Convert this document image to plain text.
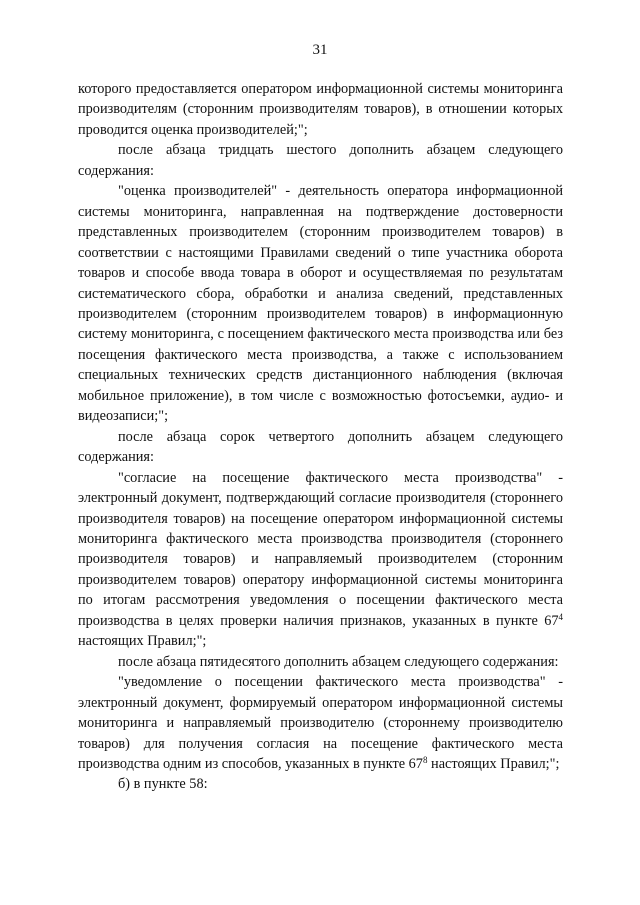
31

которого предоставляется оператором информационной системы мониторинга производителям (сторонним производителям товаров), в отношении которых проводится оценка производителей;";

после абзаца тридцать шестого дополнить абзацем следующего содержания:

"оценка производителей" - деятельность оператора информационной системы мониторинга, направленная на подтверждение достоверности представленных производителем (сторонним производителем товаров) в соответствии с настоящими Правилами сведений о типе участника оборота товаров и способе ввода товара в оборот и осуществляемая по результатам систематического сбора, обработки и анализа сведений, представленных производителем (сторонним производителем товаров) в информационную систему мониторинга, с посещением фактического места производства или без посещения фактического места производства, а также с использованием специальных технических средств дистанционного наблюдения (включая мобильное приложение), в том числе с возможностью фотосъемки, аудио- и видеозаписи;";

после абзаца сорок четвертого дополнить абзацем следующего содержания:

"согласие на посещение фактического места производства" - электронный документ, подтверждающий согласие производителя (стороннего производителя товаров) на посещение оператором информационной системы мониторинга фактического места производства производителя (стороннего производителя товаров) и направляемый производителем (сторонним производителем товаров) оператору информационной системы мониторинга по итогам рассмотрения уведомления о посещении фактического места производства в целях проверки наличия признаков, указанных в пункте $67^4$ настоящих Правил;";

после абзаца пятидесятого дополнить абзацем следующего содержания:

"уведомление о посещении фактического места производства" - электронный документ, формируемый оператором информационной системы мониторинга и направляемый производителю (стороннему производителю товаров) для получения согласия на посещение фактического места производства одним из способов, указанных в пункте $67^8$ настоящих Правил;";

б) в пункте 58:
